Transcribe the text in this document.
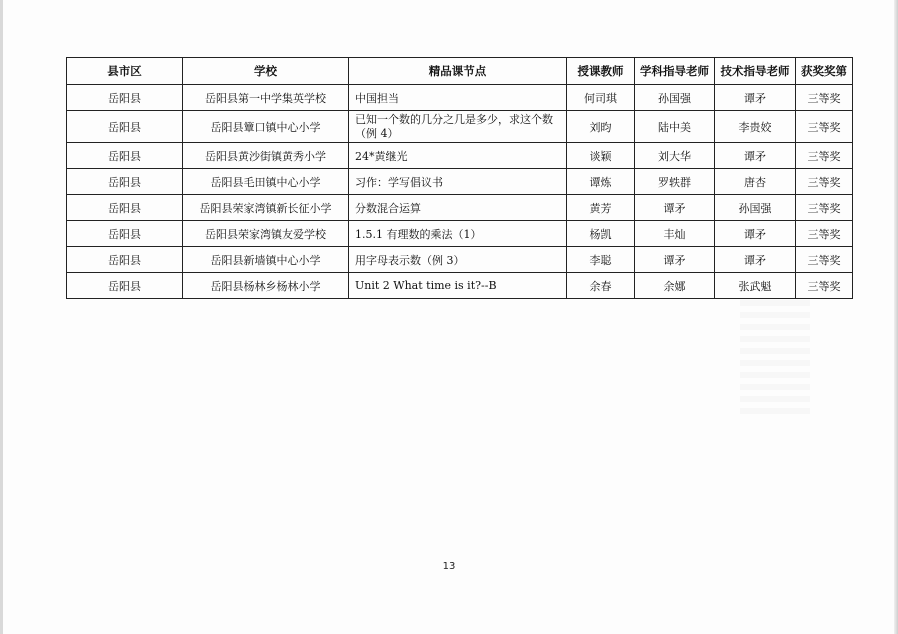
县市区	学校	精品课节点	授课教师	学科指导老师	技术指导老师	获奖奖第
岳阳县	岳阳县第一中学集英学校	中国担当	何司琪	孙国强	谭矛	三等奖
岳阳县	岳阳县簟口镇中心小学	已知一个数的几分之几是多少，求这个数（例 4）	刘昀	陆中美	李贵姣	三等奖
岳阳县	岳阳县黄沙街镇黄秀小学	24*黄继光	谈颖	刘大华	谭矛	三等奖
岳阳县	岳阳县毛田镇中心小学	习作：学写倡议书	谭炼	罗轶群	唐杏	三等奖
岳阳县	岳阳县荣家湾镇新长征小学	分数混合运算	黄芳	谭矛	孙国强	三等奖
岳阳县	岳阳县荣家湾镇友爱学校	1.5.1 有理数的乘法（1）	杨凯	丰灿	谭矛	三等奖
岳阳县	岳阳县新墙镇中心小学	用字母表示数（例 3）	李聪	谭矛	谭矛	三等奖
岳阳县	岳阳县杨林乡杨林小学	Unit 2 What time is it?--B	余春	余娜	张武魁	三等奖
13
